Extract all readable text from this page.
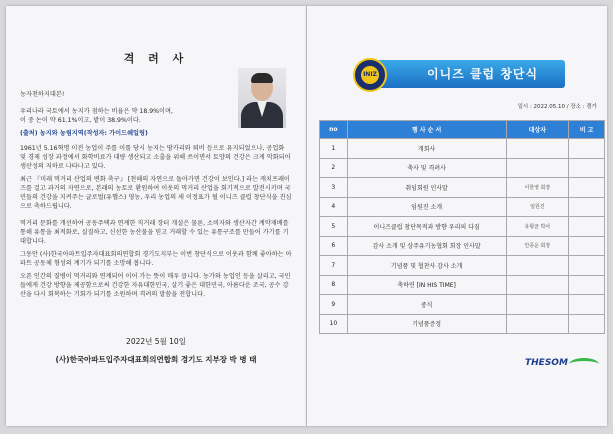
격 려 사

농자천하지대본!

우리나라 국토에서 농지가 점하는 비율은 약 18.9%이며,
이 중 논이 약 61.1%이고, 밭이 38.9%이다.

(출처) 농지와 농림지역(작성자: 가이드쉐일링)

1961년 5.16혁명 이전 농업이 주를 이룰 당시 농지는 땅카리와 퇴비 등으로 유지되었으나, 공업화 및 경제 성장 과정에서 화학비료가 대량 생산되고 소출을 위해 쓰이면서 토양의 건강은 크게 악화되어 생산성의 저하로 나타나고 있다.

최근 『미래 먹거리 산업의 변화 축구』 [천해의 자연으로 돌아가면 건강이 보인다.] 라는 캐치프레이즈를 걸고 과거의 자연으로, 본래의 농토로 환원하여 이웃의 먹거리 산업을 회기적으로 발전시키며 국민들의 건강을 지켜주는 글로벌(유헬스) 영농, 우리 농업의 새 이정표가 될 이니즈 클럽 창단식을 진심으로 축하드립니다.

먹거리 문화를 개선하여 공동주택과 연계한 직거래 장터 개설은 물론, 소비자와 생산자간 계약재배를 통해 유통을 최적화로, 실질하고, 신선한 농산물을 믿고 거래할 수 있는 유통구조를 만들어 가기를 기대합니다.

그동안 (사)한국아파트입주자대표회의연합회 경기도지부는 이번 창단식으로 이웃과 함께 좋아하는 아파트 공동체 형성의 계기가 되기를 소망해 봅니다.

오픈 인간의 질병이 먹거리와 연계되어 이어 가는 뜻이 매우 큽니다. 농가와 농업인 등을 살리고, 국민들에게 건강 방향을 제공함으로써 건강한 자유대한민국, 살기 좋은 대한민국, 아름다운 조국, 공수 강산을 다시 회복하는 기회가 되기를 소원하며 격려의 말씀을 전합니다.

2022년 5월 10일
(사)한국아파트입주자대표회의연합회 경기도 지부장 박 병 태
이니즈 클럽 창단식
INIZ
일시 : 2022.05.10 / 장소 : 캠가
no	행 사 순 서	대상자	비 고
1	개회사		
2	축사 및 격려사		
3	취임회원 인사말	이한영 회장	
4	임원진 소개	임원진	
5	이니즈클럽 창단목적과 방향 우리의 다짐	유형균 박사	
6	감사 소개 및 상주유기농협회 회장 인사말	안종운 회장	
7	기념품 및 협찬사 감사 소개		
8	축하연 [IN HIS TIME]		
9	중식		
10	기념품증정		
THESOM
